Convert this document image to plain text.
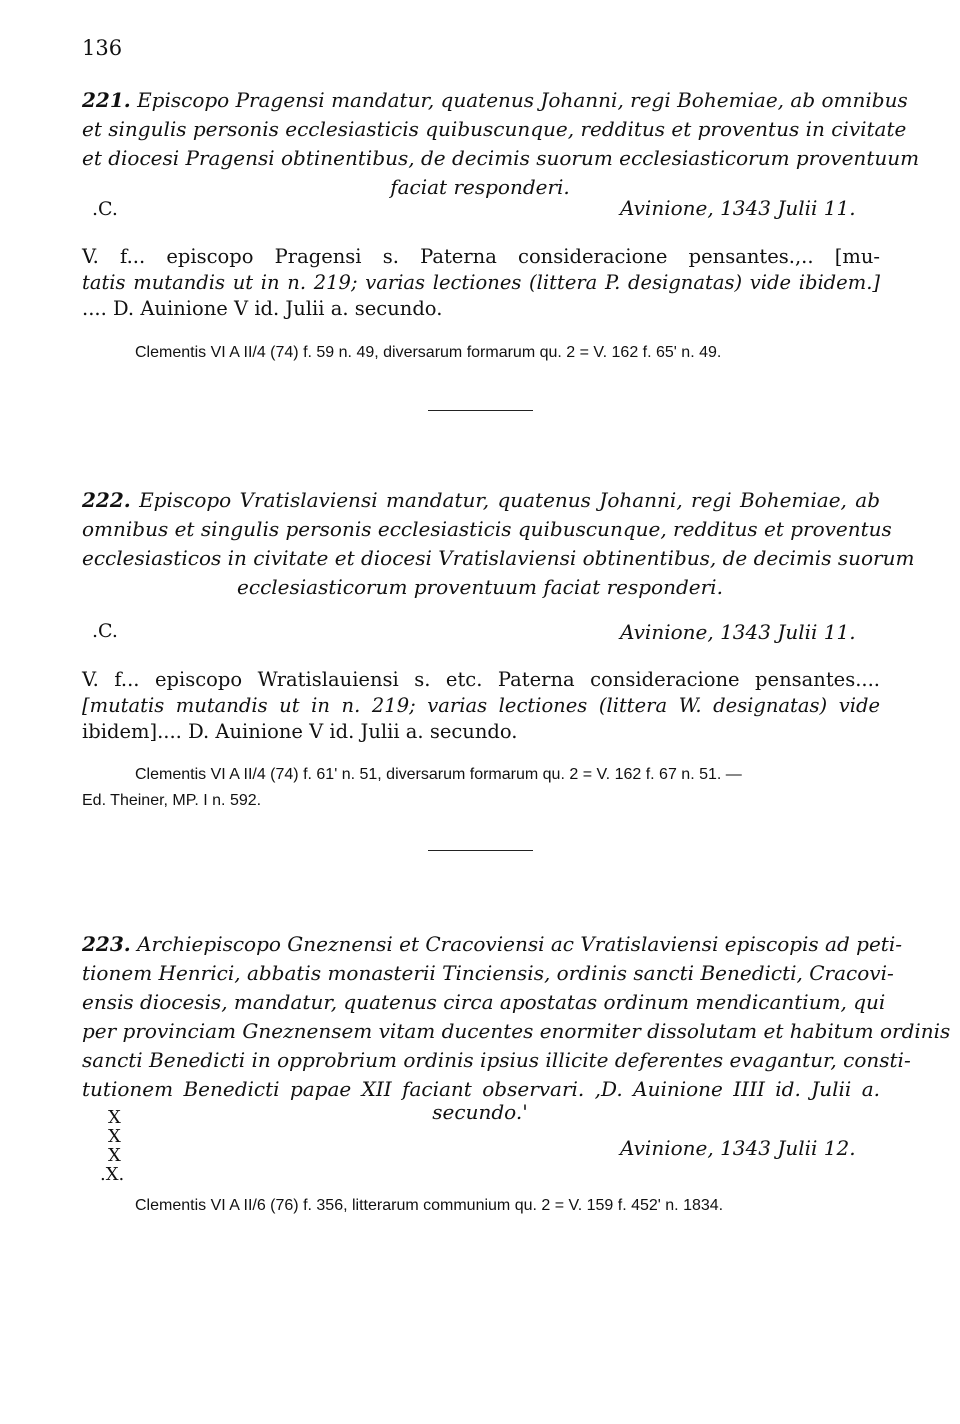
136
221. Episcopo Pragensi mandatur, quatenus Johanni, regi Bohemiae, ab omnibus
et singulis personis ecclesiasticis quibuscunque, redditus et proventus in civitate
et diocesi Pragensi obtinentibus, de decimis suorum ecclesiasticorum proventuum
faciat responderi.
.C.	Avinione, 1343 Julii 11.
V. f... episcopo Pragensi s. Paterna consideracione pensantes.,.. [mu-
tatis mutandis ut in n. 219; varias lectiones (littera P. designatas) vide ibidem.]
.... D. Auinione V id. Julii a. secundo.
Clementis VI A II/4 (74) f. 59 n. 49, diversarum formarum qu. 2 = V. 162 f. 65' n. 49.
222. Episcopo Vratislaviensi mandatur, quatenus Johanni, regi Bohemiae, ab
omnibus et singulis personis ecclesiasticis quibuscunque, redditus et proventus
ecclesiasticos in civitate et diocesi Vratislaviensi obtinentibus, de decimis suorum
ecclesiasticorum proventuum faciat responderi.
.C.	Avinione, 1343 Julii 11.
V. f... episcopo Wratislauiensi s. etc. Paterna consideracione pensantes....
[mutatis mutandis ut in n. 219; varias lectiones (littera W. designatas) vide
ibidem].... D. Auinione V id. Julii a. secundo.
Clementis VI A II/4 (74) f. 61' n. 51, diversarum formarum qu. 2 = V. 162 f. 67 n. 51. —
Ed. Theiner, MP. I n. 592.
223. Archiepiscopo Gneznensi et Cracoviensi ac Vratislaviensi episcopis ad peti-
tionem Henrici, abbatis monasterii Tinciensis, ordinis sancti Benedicti, Cracovi-
ensis diocesis, mandatur, quatenus circa apostatas ordinum mendicantium, qui
per provinciam Gneznensem vitam ducentes enormiter dissolutam et habitum ordinis
sancti Benedicti in opprobrium ordinis ipsius illicite deferentes evagantur, consti-
tutionem Benedicti papae XII faciant observari. ,D. Auinione IIII id. Julii a.
secundo.'
X
X
X
.X.
Avinione, 1343 Julii 12.
Clementis VI A II/6 (76) f. 356, litterarum communium qu. 2 = V. 159 f. 452' n. 1834.
